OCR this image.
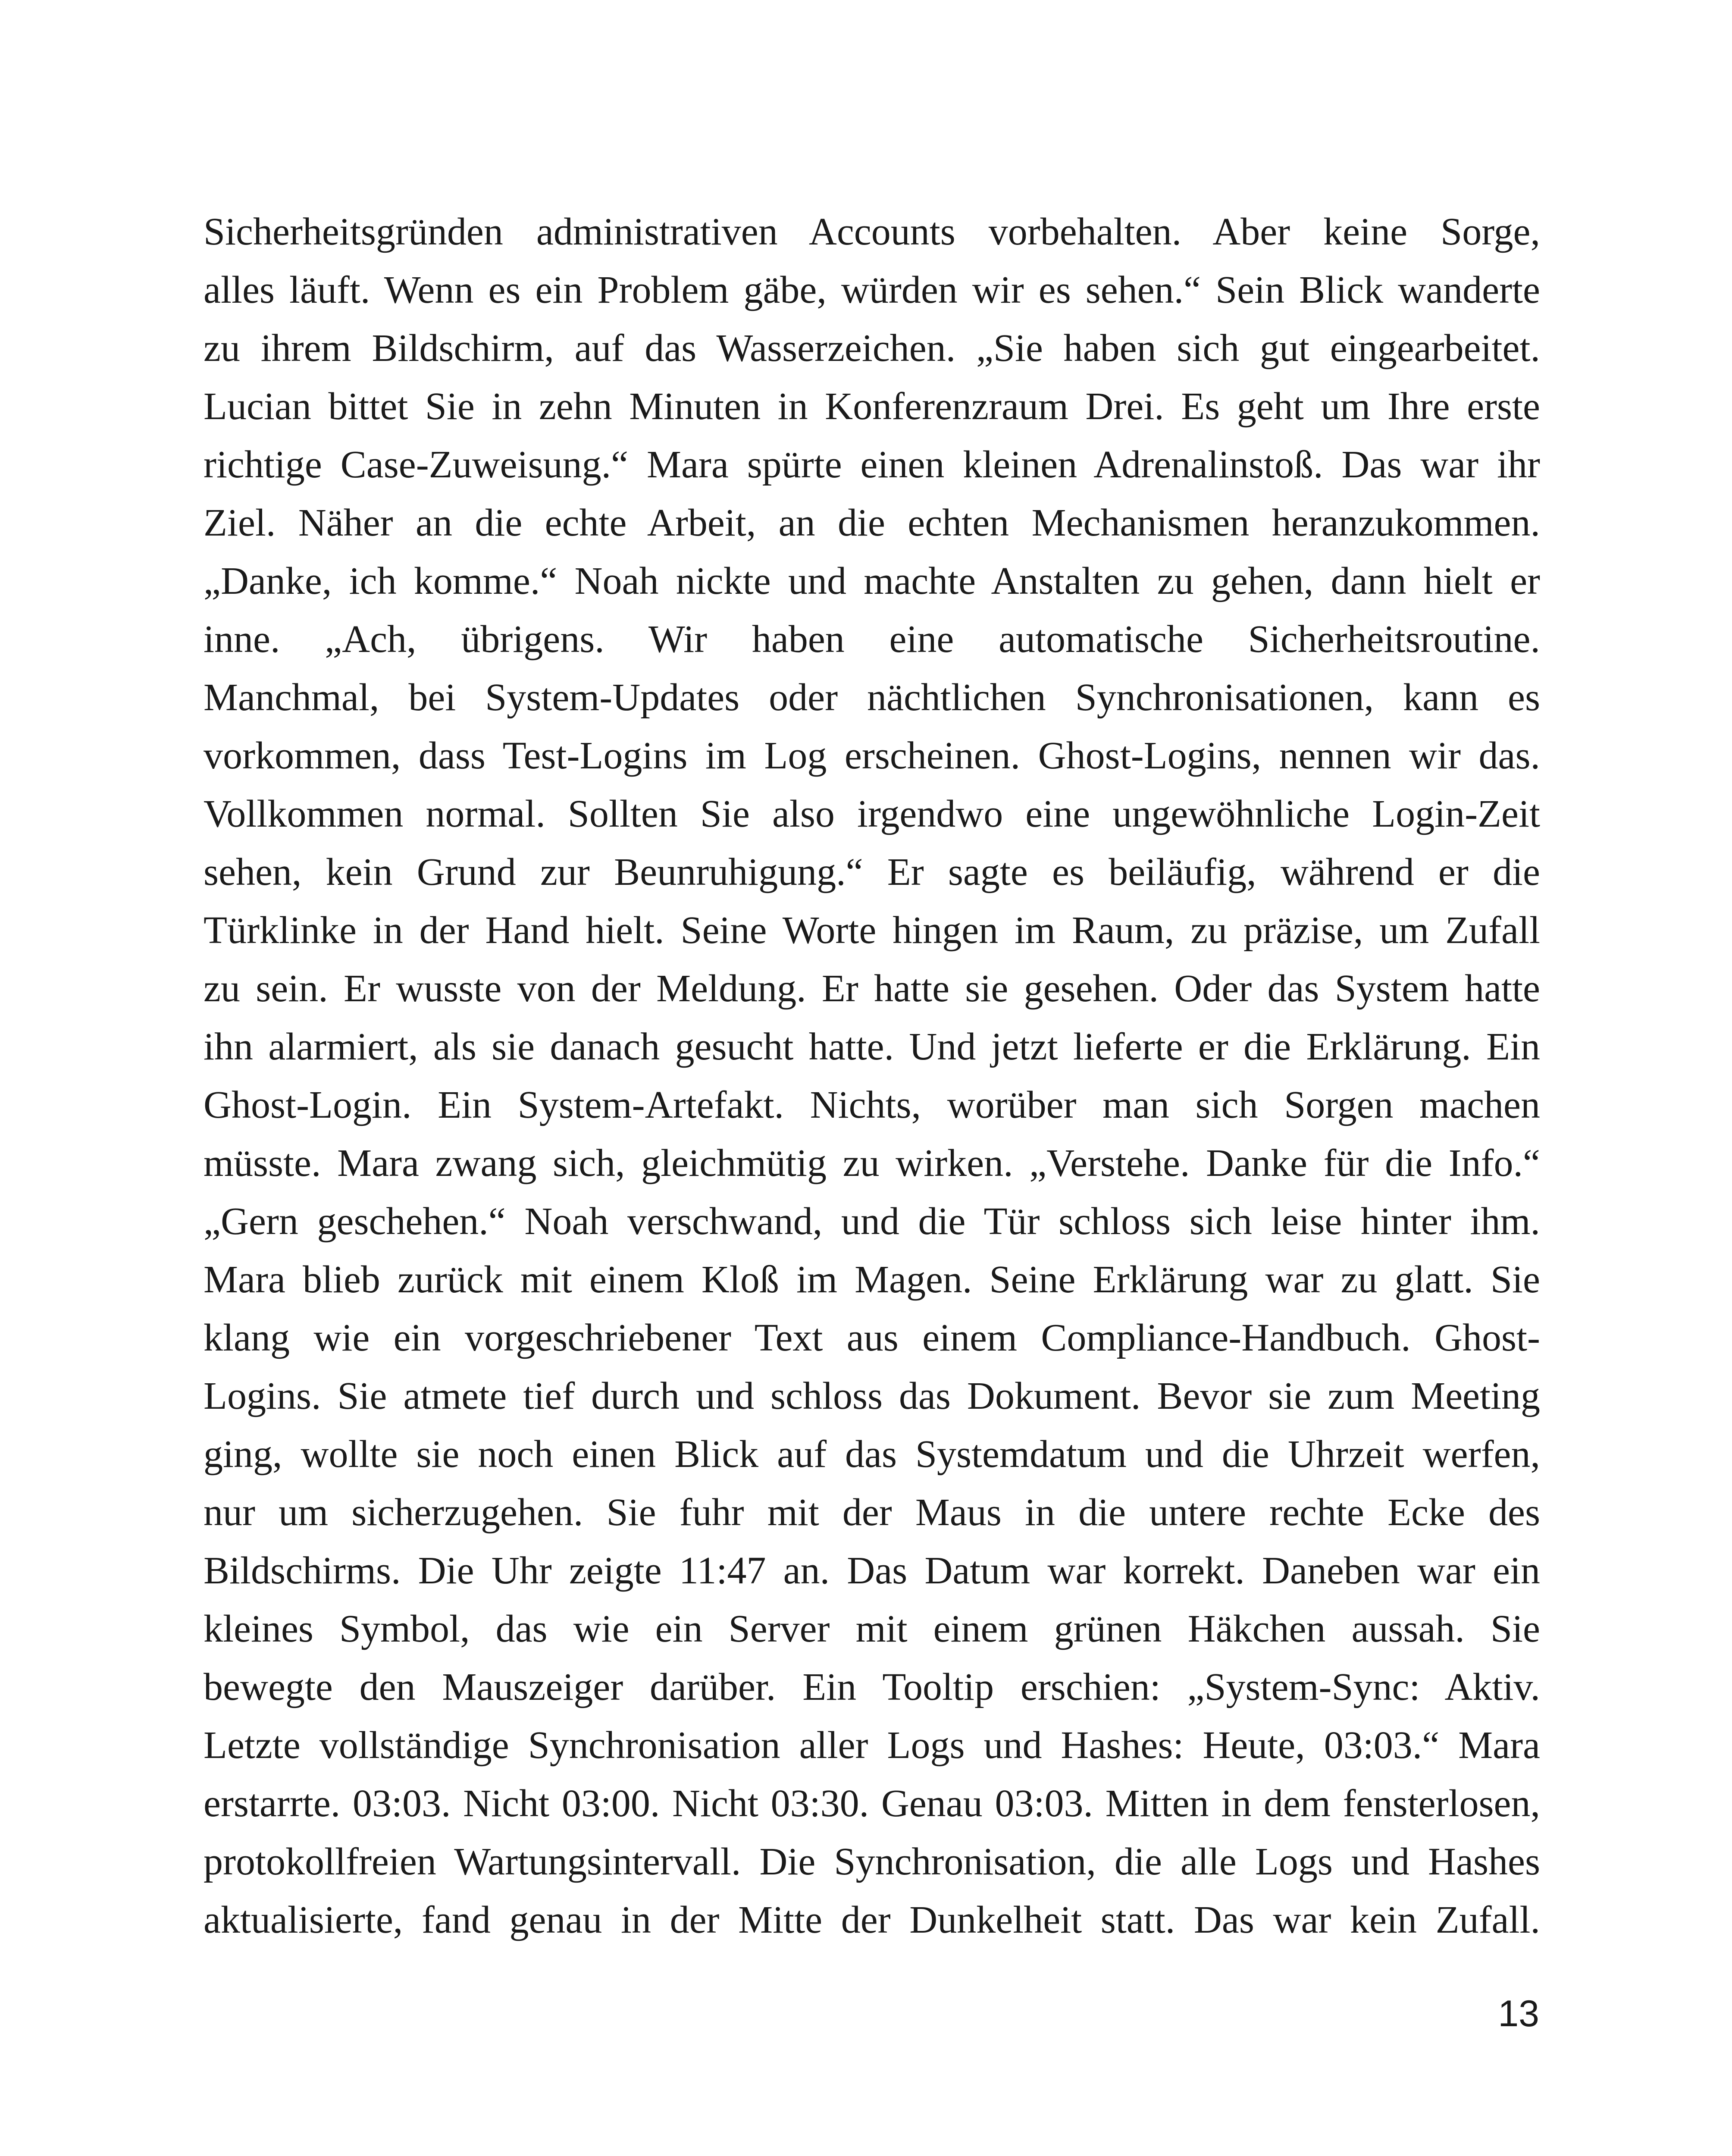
Sicherheitsgründen administrativen Accounts vorbehalten. Aber keine Sorge,
alles läuft. Wenn es ein Problem gäbe, würden wir es sehen.“ Sein Blick wanderte
zu ihrem Bildschirm, auf das Wasserzeichen. „Sie haben sich gut eingearbeitet.
Lucian bittet Sie in zehn Minuten in Konferenzraum Drei. Es geht um Ihre erste
richtige Case-Zuweisung.“ Mara spürte einen kleinen Adrenalinstoß. Das war ihr
Ziel. Näher an die echte Arbeit, an die echten Mechanismen heranzukommen.
„Danke, ich komme.“ Noah nickte und machte Anstalten zu gehen, dann hielt er
inne. „Ach, übrigens. Wir haben eine automatische Sicherheitsroutine.
Manchmal, bei System-Updates oder nächtlichen Synchronisationen, kann es
vorkommen, dass Test-Logins im Log erscheinen. Ghost-Logins, nennen wir das.
Vollkommen normal. Sollten Sie also irgendwo eine ungewöhnliche Login-Zeit
sehen, kein Grund zur Beunruhigung.“ Er sagte es beiläufig, während er die
Türklinke in der Hand hielt. Seine Worte hingen im Raum, zu präzise, um Zufall
zu sein. Er wusste von der Meldung. Er hatte sie gesehen. Oder das System hatte
ihn alarmiert, als sie danach gesucht hatte. Und jetzt lieferte er die Erklärung. Ein
Ghost-Login. Ein System-Artefakt. Nichts, worüber man sich Sorgen machen
müsste. Mara zwang sich, gleichmütig zu wirken. „Verstehe. Danke für die Info.“
„Gern geschehen.“ Noah verschwand, und die Tür schloss sich leise hinter ihm.
Mara blieb zurück mit einem Kloß im Magen. Seine Erklärung war zu glatt. Sie
klang wie ein vorgeschriebener Text aus einem Compliance-Handbuch. Ghost-
Logins. Sie atmete tief durch und schloss das Dokument. Bevor sie zum Meeting
ging, wollte sie noch einen Blick auf das Systemdatum und die Uhrzeit werfen,
nur um sicherzugehen. Sie fuhr mit der Maus in die untere rechte Ecke des
Bildschirms. Die Uhr zeigte 11:47 an. Das Datum war korrekt. Daneben war ein
kleines Symbol, das wie ein Server mit einem grünen Häkchen aussah. Sie
bewegte den Mauszeiger darüber. Ein Tooltip erschien: „System-Sync: Aktiv.
Letzte vollständige Synchronisation aller Logs und Hashes: Heute, 03:03.“ Mara
erstarrte. 03:03. Nicht 03:00. Nicht 03:30. Genau 03:03. Mitten in dem fensterlosen,
protokollfreien Wartungsintervall. Die Synchronisation, die alle Logs und Hashes
aktualisierte, fand genau in der Mitte der Dunkelheit statt. Das war kein Zufall.
13
